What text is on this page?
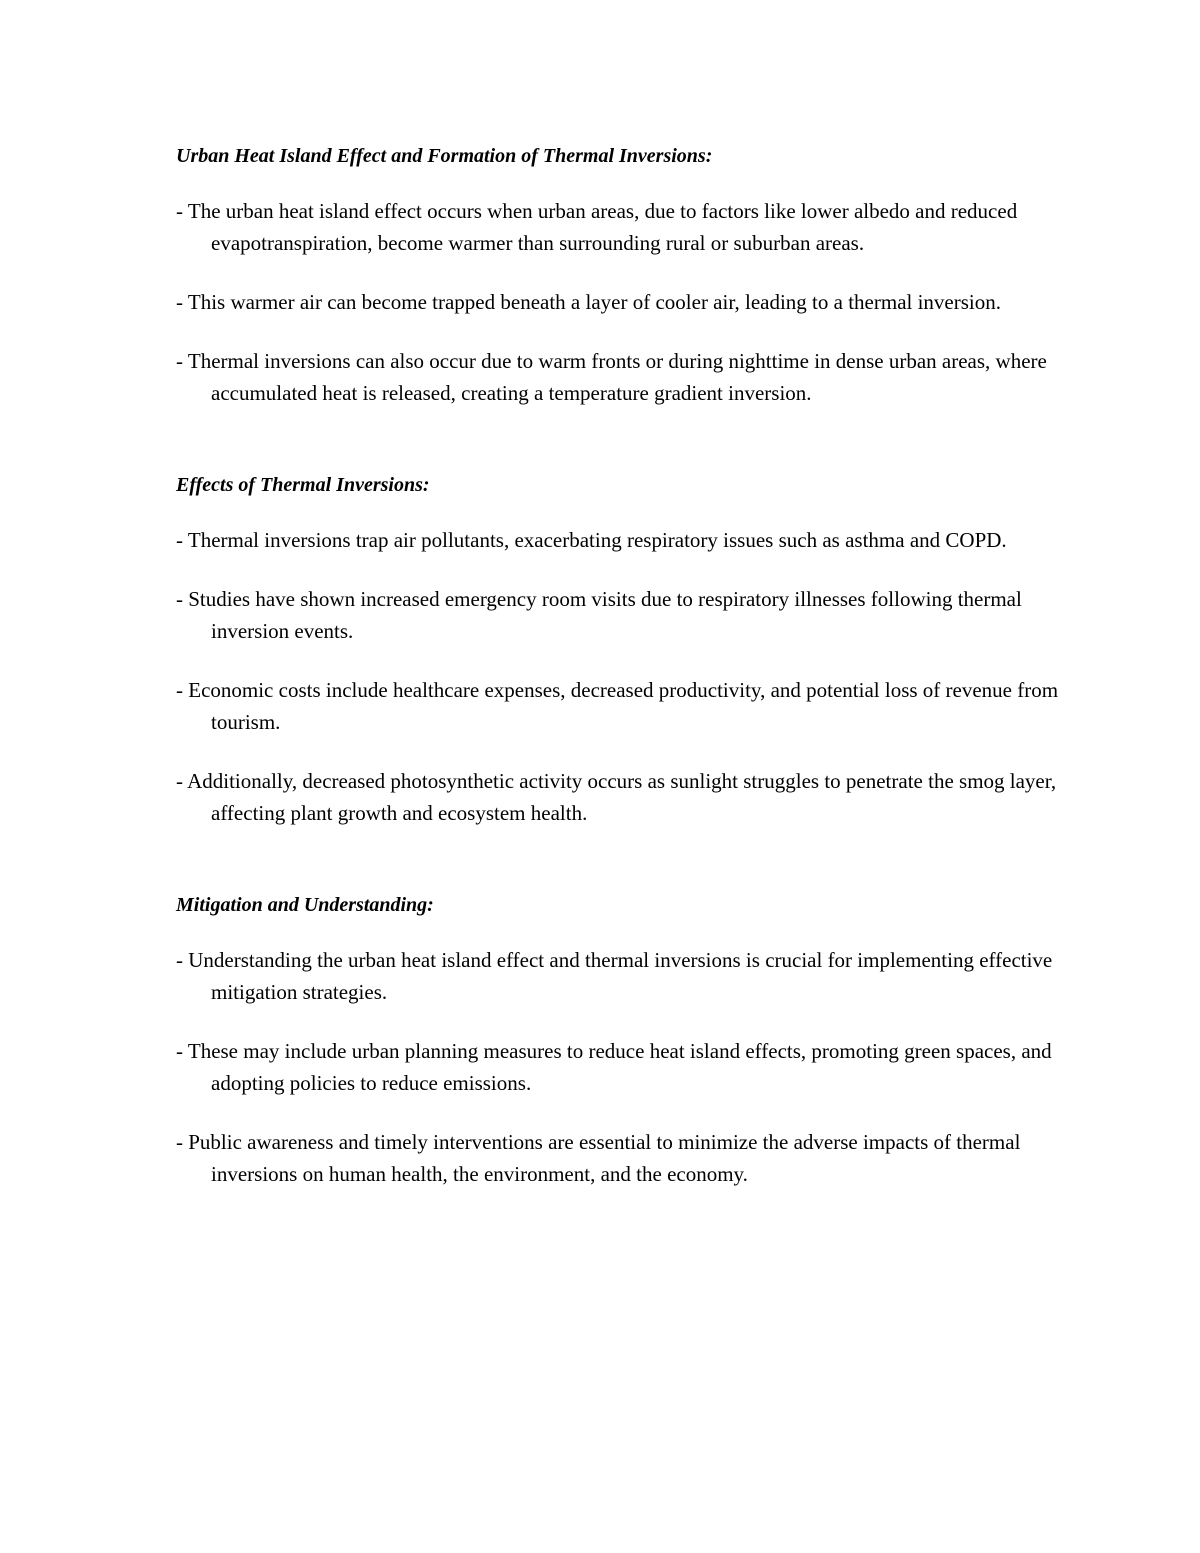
Urban Heat Island Effect and Formation of Thermal Inversions:
- The urban heat island effect occurs when urban areas, due to factors like lower albedo and reduced evapotranspiration, become warmer than surrounding rural or suburban areas.
- This warmer air can become trapped beneath a layer of cooler air, leading to a thermal inversion.
- Thermal inversions can also occur due to warm fronts or during nighttime in dense urban areas, where accumulated heat is released, creating a temperature gradient inversion.
Effects of Thermal Inversions:
- Thermal inversions trap air pollutants, exacerbating respiratory issues such as asthma and COPD.
- Studies have shown increased emergency room visits due to respiratory illnesses following thermal inversion events.
- Economic costs include healthcare expenses, decreased productivity, and potential loss of revenue from tourism.
- Additionally, decreased photosynthetic activity occurs as sunlight struggles to penetrate the smog layer, affecting plant growth and ecosystem health.
Mitigation and Understanding:
- Understanding the urban heat island effect and thermal inversions is crucial for implementing effective mitigation strategies.
- These may include urban planning measures to reduce heat island effects, promoting green spaces, and adopting policies to reduce emissions.
- Public awareness and timely interventions are essential to minimize the adverse impacts of thermal inversions on human health, the environment, and the economy.
